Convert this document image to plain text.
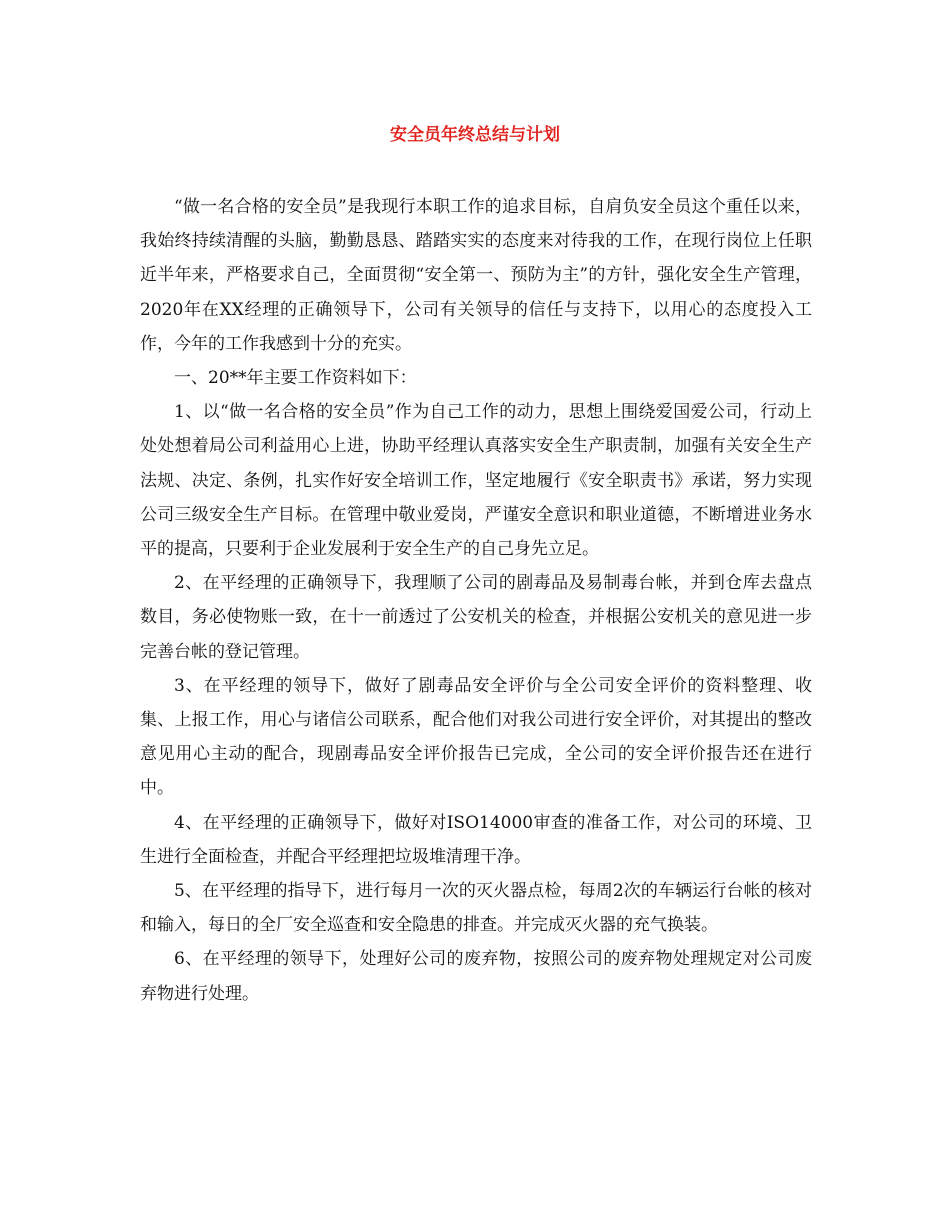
安全员年终总结与计划

“做一名合格的安全员”是我现行本职工作的追求目标，自肩负安全员这个重任以来，我始终持续清醒的头脑，勤勤恳恳、踏踏实实的态度来对待我的工作，在现行岗位上任职近半年来，严格要求自己，全面贯彻“安全第一、预防为主”的方针，强化安全生产管理，2020年在XX经理的正确领导下，公司有关领导的信任与支持下，以用心的态度投入工作，今年的工作我感到十分的充实。

一、20**年主要工作资料如下：

1、以“做一名合格的安全员”作为自己工作的动力，思想上围绕爱国爱公司，行动上处处想着局公司利益用心上进，协助平经理认真落实安全生产职责制，加强有关安全生产法规、决定、条例，扎实作好安全培训工作，坚定地履行《安全职责书》承诺，努力实现公司三级安全生产目标。在管理中敬业爱岗，严谨安全意识和职业道德，不断增进业务水平的提高，只要利于企业发展利于安全生产的自己身先立足。

2、在平经理的正确领导下，我理顺了公司的剧毒品及易制毒台帐，并到仓库去盘点数目，务必使物账一致，在十一前透过了公安机关的检查，并根据公安机关的意见进一步完善台帐的登记管理。

3、在平经理的领导下，做好了剧毒品安全评价与全公司安全评价的资料整理、收集、上报工作，用心与诸信公司联系，配合他们对我公司进行安全评价，对其提出的整改意见用心主动的配合，现剧毒品安全评价报告已完成，全公司的安全评价报告还在进行中。

4、在平经理的正确领导下，做好对ISO14000审查的准备工作，对公司的环境、卫生进行全面检查，并配合平经理把垃圾堆清理干净。

5、在平经理的指导下，进行每月一次的灭火器点检，每周2次的车辆运行台帐的核对和输入，每日的全厂安全巡查和安全隐患的排查。并完成灭火器的充气换装。

6、在平经理的领导下，处理好公司的废弃物，按照公司的废弃物处理规定对公司废弃物进行处理。
